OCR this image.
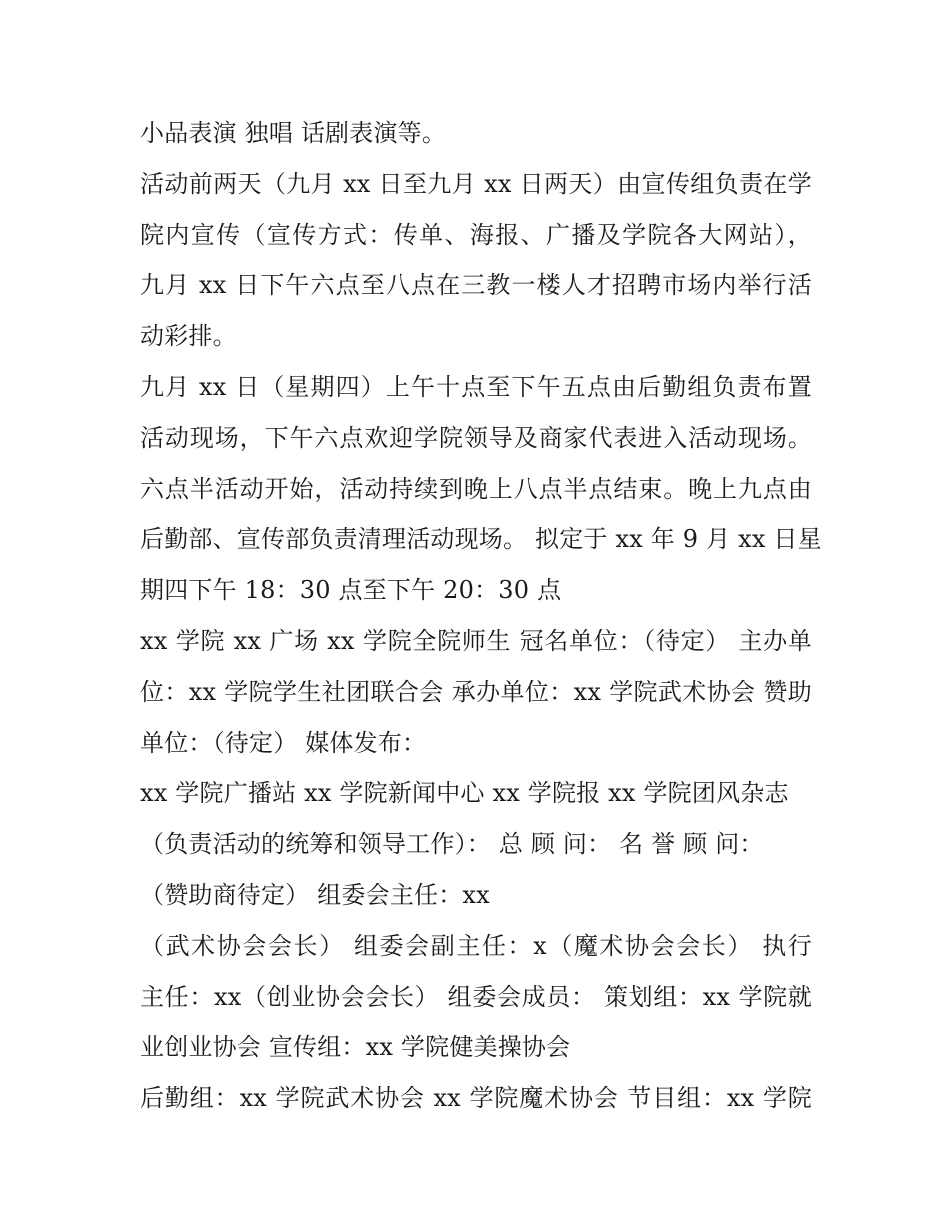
小品表演 独唱 话剧表演等。
活动前两天（九月 xx 日至九月 xx 日两天）由宣传组负责在学
院内宣传（宣传方式：传单、海报、广播及学院各大网站），
九月 xx 日下午六点至八点在三教一楼人才招聘市场内举行活
动彩排。
九月 xx 日（星期四）上午十点至下午五点由后勤组负责布置
活动现场，下午六点欢迎学院领导及商家代表进入活动现场。
六点半活动开始，活动持续到晚上八点半点结束。晚上九点由
后勤部、宣传部负责清理活动现场。 拟定于 xx 年 9 月 xx 日星
期四下午 18：30 点至下午 20：30 点
xx 学院 xx 广场 xx 学院全院师生 冠名单位：（待定） 主办单
位：xx 学院学生社团联合会 承办单位：xx 学院武术协会 赞助
单位：（待定） 媒体发布：
xx 学院广播站 xx 学院新闻中心 xx 学院报 xx 学院团风杂志
（负责活动的统筹和领导工作）： 总 顾 问： 名 誉 顾 问：
（赞助商待定） 组委会主任：xx
（武术协会会长） 组委会副主任：x（魔术协会会长） 执行
主任：xx（创业协会会长） 组委会成员： 策划组：xx 学院就
业创业协会 宣传组：xx 学院健美操协会
后勤组：xx 学院武术协会 xx 学院魔术协会 节目组：xx 学院
